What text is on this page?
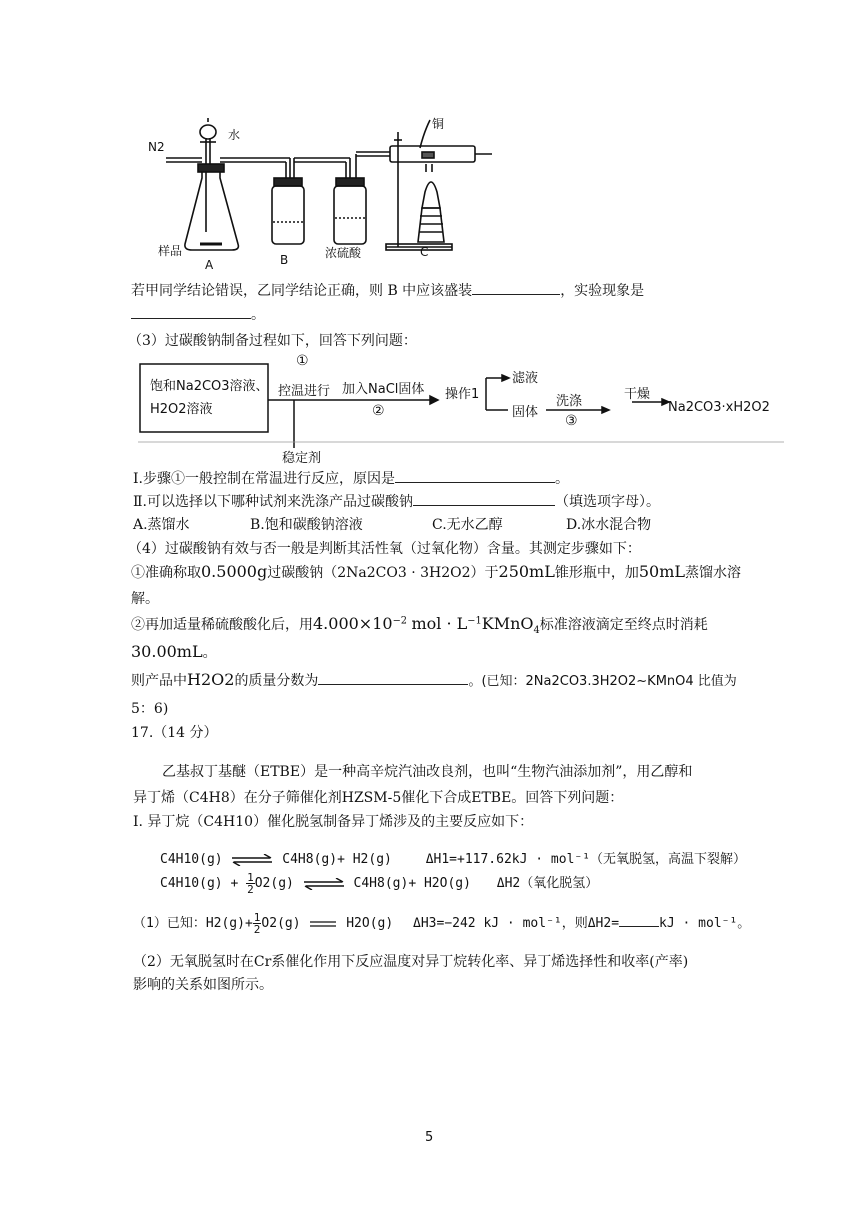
N2
水
铜
样品
A	B	浓硫酸	C
若甲同学结论错误，乙同学结论正确，则 B 中应该盛装	，实验现象是
。
（3）过碳酸钠制备过程如下，回答下列问题：
饱和Na2CO3溶液、
H2O2溶液
①
控温进行 加入NaCl固体
②
操作1
滤液
固体
洗涤
③
干燥
Na2CO3·xH2O2
稳定剂
Ⅰ.步骤①一般控制在常温进行反应，原因是	。
Ⅱ.可以选择以下哪种试剂来洗涤产品过碳酸钠	（填选项字母）。
A.蒸馏水	B.饱和碳酸钠溶液	C.无水乙醇	D.冰水混合物
（4）过碳酸钠有效与否一般是判断其活性氧（过氧化物）含量。其测定步骤如下：
①准确称取0.5000g过碳酸钠（2Na2CO3 · 3H2O2）于250mL锥形瓶中，加50mL蒸馏水溶
解。
②再加适量稀硫酸酸化后，用$4.000\times 10^{-2}$ mol · $L^{-1}KMnO_4$标准溶液滴定至终点时消耗
30.00mL。
则产品中H2O2的质量分数为	。(已知：2Na2CO3.3H2O2~KMnO4 比值为
5：6)
17.（14 分）
乙基叔丁基醚（ETBE）是一种高辛烷汽油改良剂，也叫“生物汽油添加剂”，用乙醇和
异丁烯（C4H8）在分子筛催化剂HZSM-5催化下合成ETBE。回答下列问题：
Ⅰ. 异丁烷（C4H10）催化脱氢制备异丁烯涉及的主要反应如下：
C4H10(g) ⇌ C4H8(g)+ H2(g)	ΔH1=+117.62kJ · mol⁻¹（无氧脱氢，高温下裂解）
$C4H10(g) + \frac{1}{2} O2(g)$ ⇌ C4H8(g)+ H2O(g) ΔH2（氧化脱氢）
（1）已知：$H2(g)+ \frac{1}{2} O2(g)$	H2O(g) ΔH3=−242 kJ · mol⁻¹，则ΔH2=	kJ · mol⁻¹。
（2）无氧脱氢时在Cr系催化作用下反应温度对异丁烷转化率、异丁烯选择性和收率(产率)
影响的关系如图所示。
5
